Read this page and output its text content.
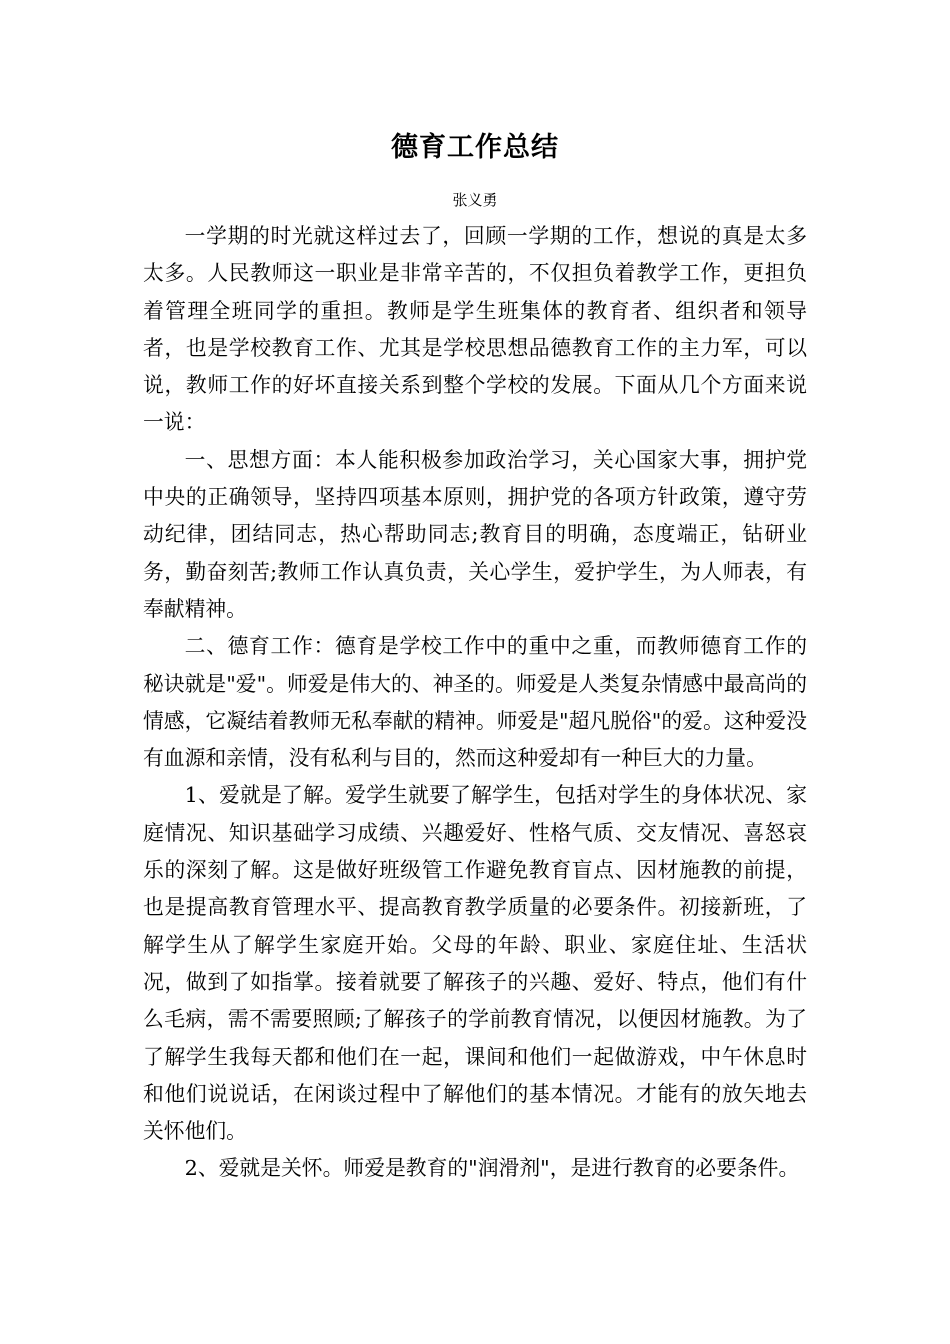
德育工作总结
张义勇

一学期的时光就这样过去了，回顾一学期的工作，想说的真是太多太多。人民教师这一职业是非常辛苦的，不仅担负着教学工作，更担负着管理全班同学的重担。教师是学生班集体的教育者、组织者和领导者，也是学校教育工作、尤其是学校思想品德教育工作的主力军，可以说，教师工作的好坏直接关系到整个学校的发展。下面从几个方面来说一说：

一、思想方面：本人能积极参加政治学习，关心国家大事，拥护党中央的正确领导，坚持四项基本原则，拥护党的各项方针政策，遵守劳动纪律，团结同志，热心帮助同志;教育目的明确，态度端正，钻研业务，勤奋刻苦;教师工作认真负责，关心学生，爱护学生，为人师表，有奉献精神。

二、德育工作：德育是学校工作中的重中之重，而教师德育工作的秘诀就是"爱"。师爱是伟大的、神圣的。师爱是人类复杂情感中最高尚的情感，它凝结着教师无私奉献的精神。师爱是"超凡脱俗"的爱。这种爱没有血源和亲情，没有私利与目的，然而这种爱却有一种巨大的力量。

1、爱就是了解。爱学生就要了解学生，包括对学生的身体状况、家庭情况、知识基础学习成绩、兴趣爱好、性格气质、交友情况、喜怒哀乐的深刻了解。这是做好班级管工作避免教育盲点、因材施教的前提，也是提高教育管理水平、提高教育教学质量的必要条件。初接新班，了解学生从了解学生家庭开始。父母的年龄、职业、家庭住址、生活状况，做到了如指掌。接着就要了解孩子的兴趣、爱好、特点，他们有什么毛病，需不需要照顾;了解孩子的学前教育情况，以便因材施教。为了了解学生我每天都和他们在一起，课间和他们一起做游戏，中午休息时和他们说说话，在闲谈过程中了解他们的基本情况。才能有的放矢地去关怀他们。

2、爱就是关怀。师爱是教育的"润滑剂"，是进行教育的必要条件。
